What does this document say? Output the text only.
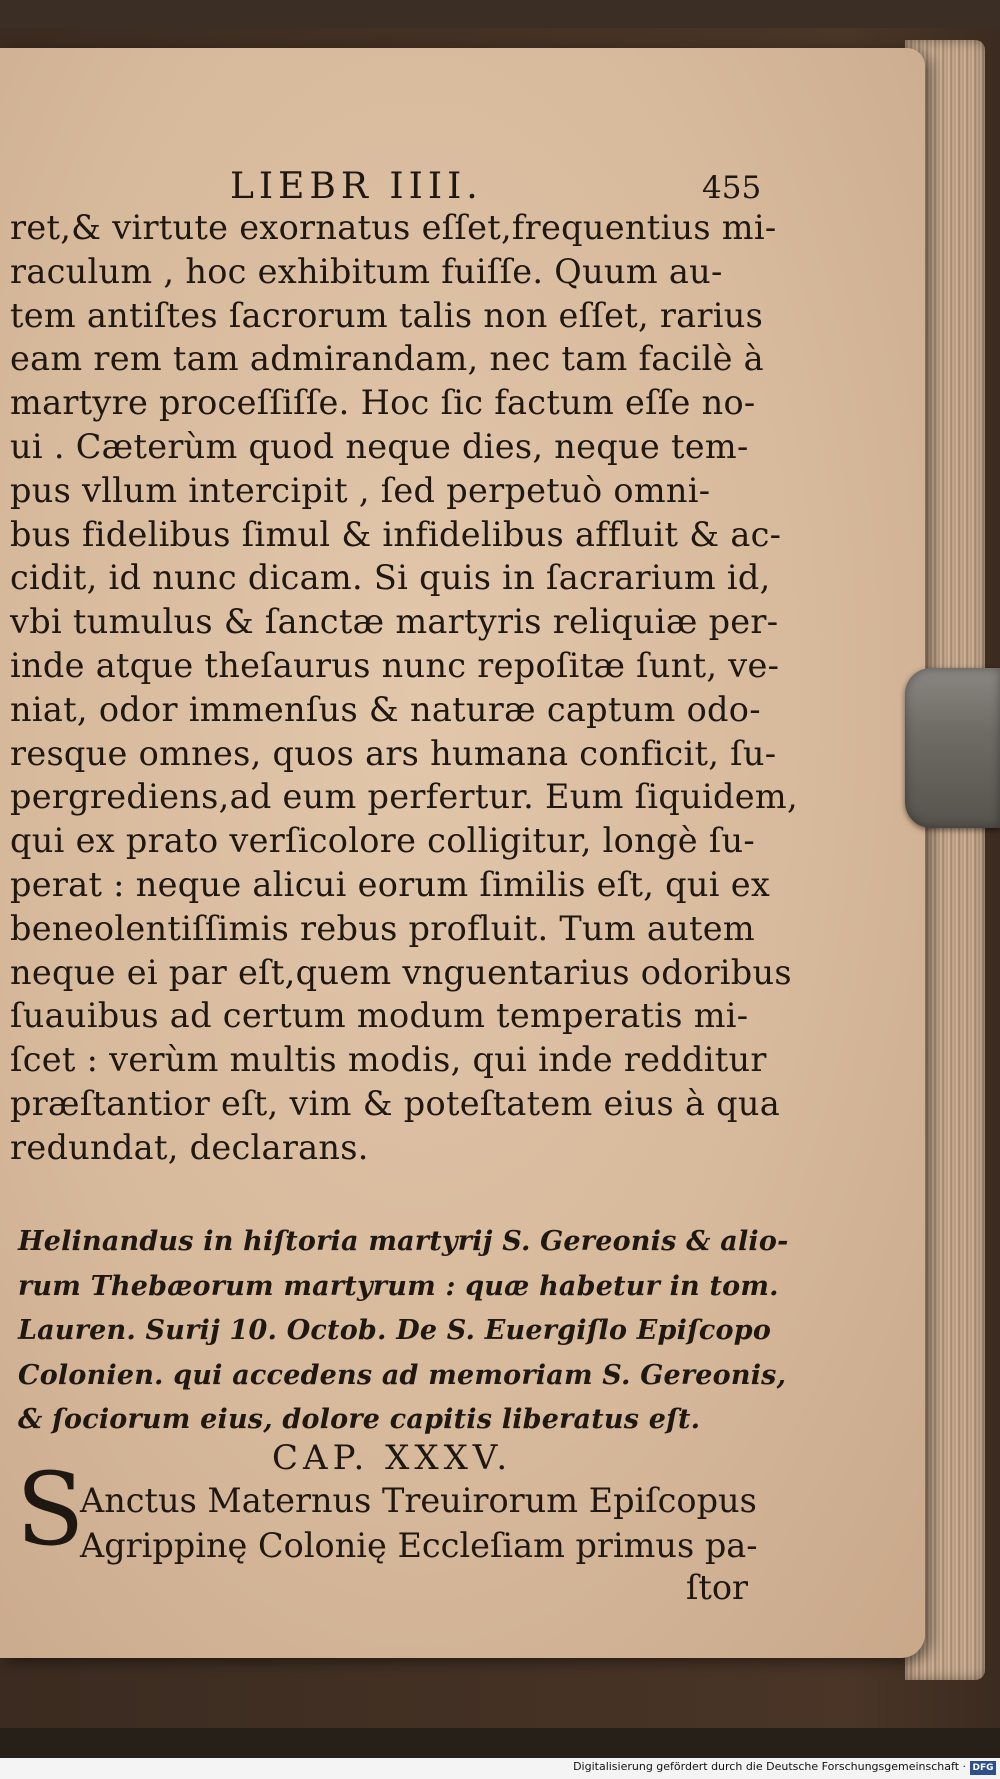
LIEBR IIII.	455
ret,& virtute exornatus eſſet,frequentius mi-
raculum , hoc exhibitum fuiſſe. Quum au-
tem antiſtes ſacrorum talis non eſſet, rarius
eam rem tam admirandam, nec tam facilè à
martyre proceſſiſſe. Hoc ſic factum eſſe no-
ui . Cæterùm quod neque dies, neque tem-
pus vllum intercipit , ſed perpetuò omni-
bus fidelibus ſimul & infidelibus affluit & ac-
cidit, id nunc dicam. Si quis in ſacrarium id,
vbi tumulus & ſanctæ martyris reliquiæ per-
inde atque theſaurus nunc repoſitæ ſunt, ve-
niat, odor immenſus & naturæ captum odo-
resque omnes, quos ars humana conficit, ſu-
pergrediens,ad eum perfertur. Eum ſiquidem,
qui ex prato verſicolore colligitur, longè ſu-
perat : neque alicui eorum ſimilis eſt, qui ex
beneolentiſſimis rebus profluit. Tum autem
neque ei par eſt,quem vnguentarius odoribus
ſuauibus ad certum modum temperatis mi-
ſcet : verùm multis modis, qui inde redditur
præſtantior eſt, vim & poteſtatem eius à qua
redundat, declarans.
Helinandus in hiſtoria martyrij S. Gereonis & alio-
rum Thebæorum martyrum : quæ habetur in tom.
Lauren. Surij 10. Octob. De S. Euergiſlo Epiſcopo
Colonien. qui accedens ad memoriam S. Gereonis,
& ſociorum eius, dolore capitis liberatus eſt.
CAP. XXXV.
S
Anctus Maternus Treuirorum Epiſcopus
Agrippinę Colonię Eccleſiam primus pa-
ſtor
Digitalisierung gefördert durch die Deutsche Forschungsgemeinschaft · DFG
